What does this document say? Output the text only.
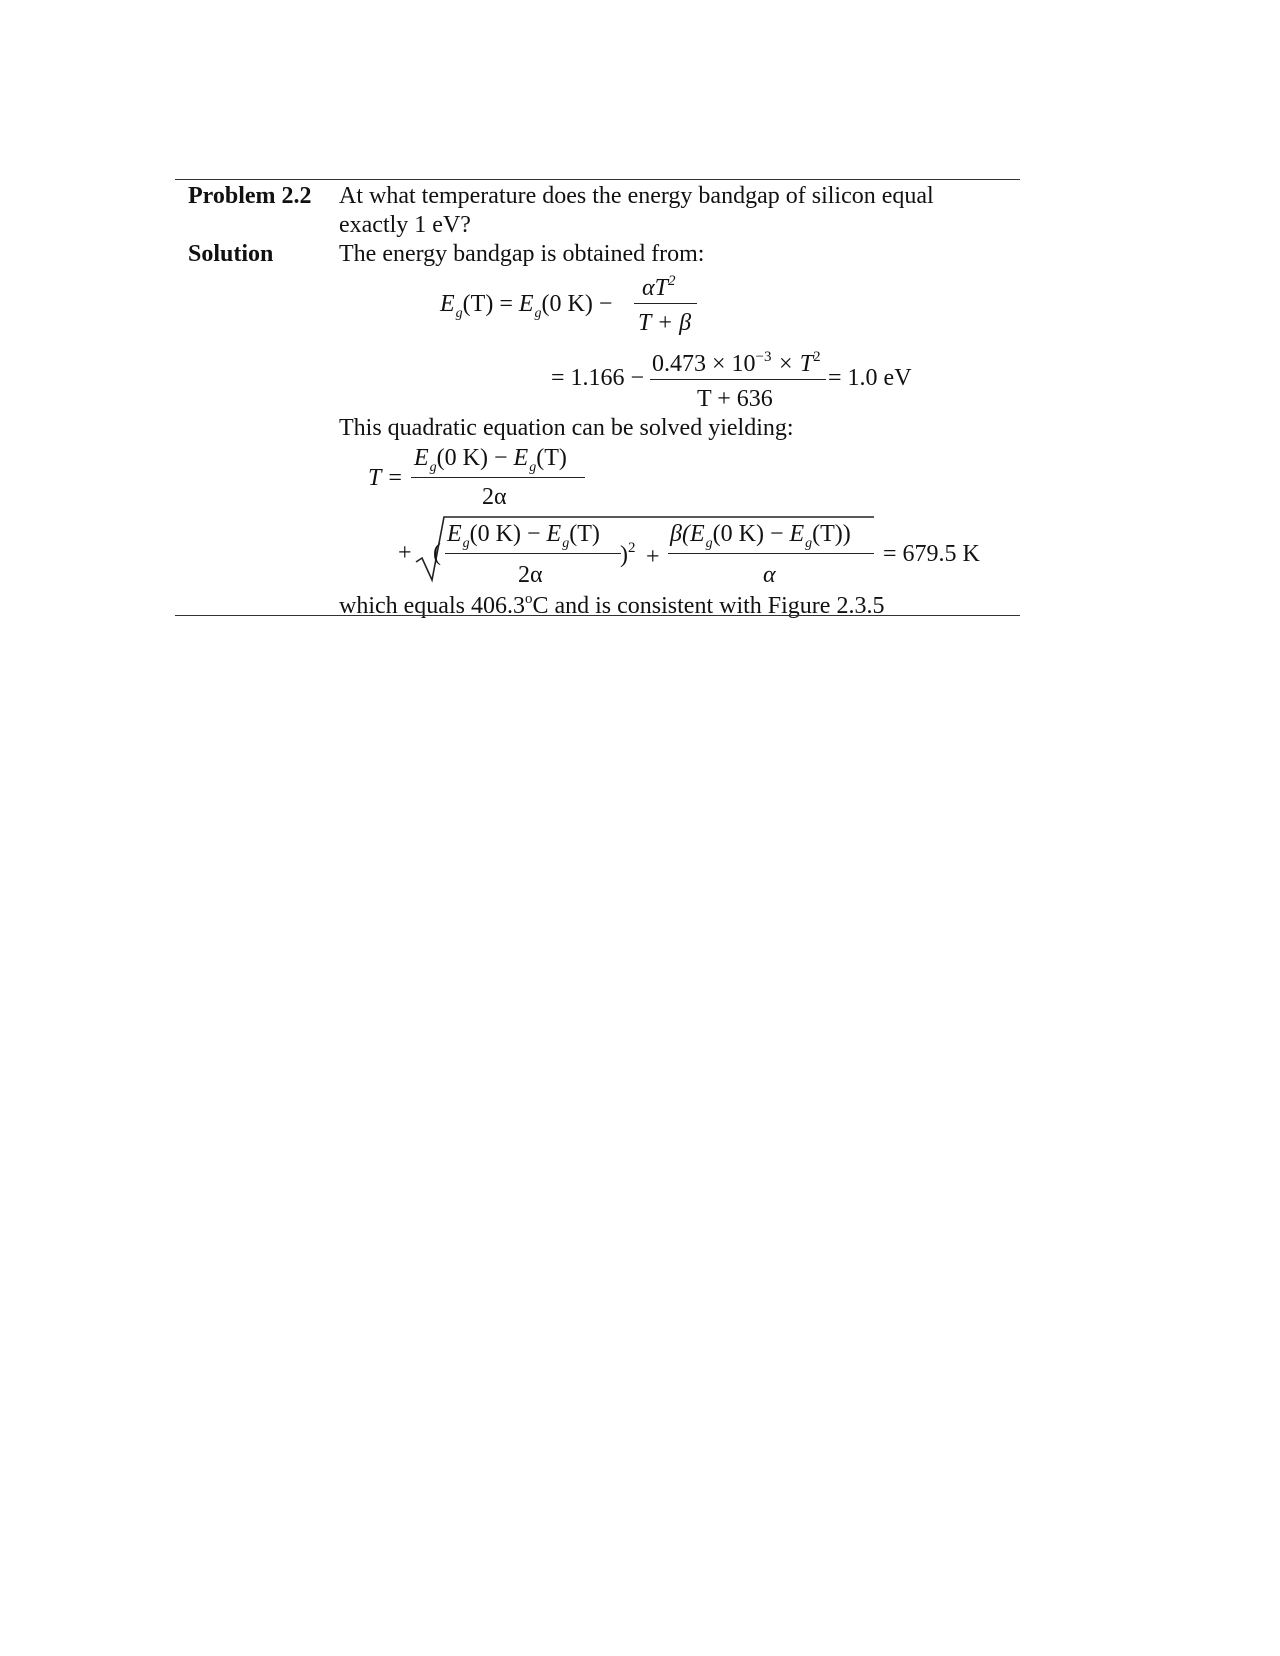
Problem 2.2 At what temperature does the energy bandgap of silicon equal
exactly 1 eV?
Solution	The energy bandgap is obtained from:
$E_g(T) = E_g(0$ K) −
$\alpha T^2$
T + β
= 1.166 −
$0.473 \times 10^{-3} \times T^2$
T + 636
= 1.0 eV
This quadratic equation can be solved yielding:
T =
$E_g(0$ $K) - E_g(T)$
2α
+ (
$E_g(0$ $K) - E_g(T)$
2α
)$^2$ +
$\beta(E_g(0$ $K) - E_g(T)$)
α
= 679.5 K
which equals 406.3$^o$C and is consistent with Figure 2.3.5
